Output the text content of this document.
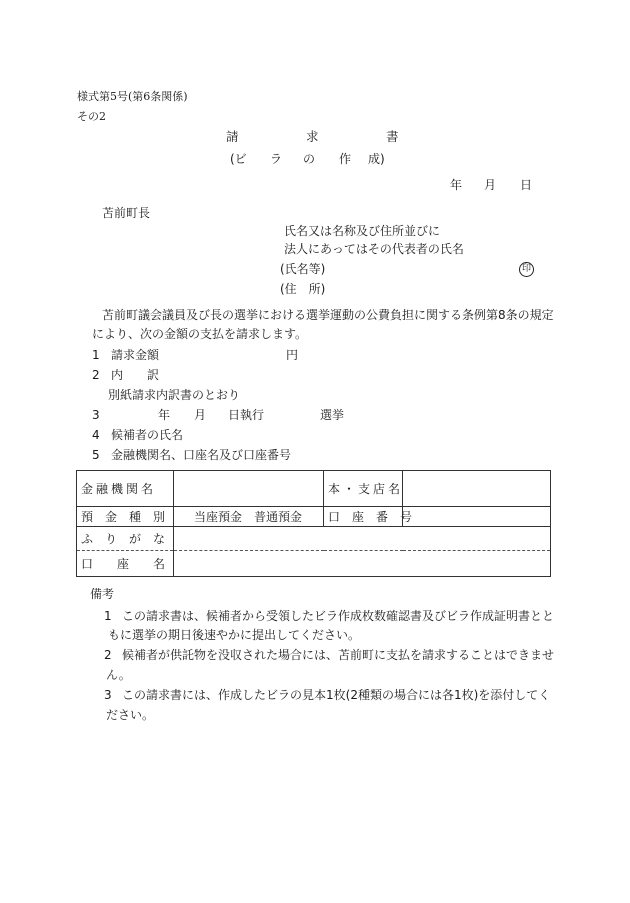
様式第5号(第6条関係)
その2
請	求	書
(ビ ラ の 作 成)
年 月 日
苫前町長
氏名又は名称及び住所並びに
法人にあってはその代表者の氏名
(氏名等)	印
(住　所)
苫前町議会議員及び長の選挙における選挙運動の公費負担に関する条例第8条の規定
により、次の金額の支払を請求します。
1 請求金額	円
2 内　　訳
別紙請求内訳書のとおり
3	年 月 日執行	選挙
4 候補者の氏名
5 金融機関名、口座名及び口座番号
金融機関名		本・支店名	
預　金　種　別	当座預金　普通預金	口　座　番　号	
ふ　り　が　な			
口　　座　　名			
備考
1 この請求書は、候補者から受領したビラ作成枚数確認書及びビラ作成証明書とと
もに選挙の期日後速やかに提出してください。
2 候補者が供託物を没収された場合には、苫前町に支払を請求することはできませ
ん。
3 この請求書には、作成したビラの見本1枚(2種類の場合には各1枚)を添付してく
ださい。
